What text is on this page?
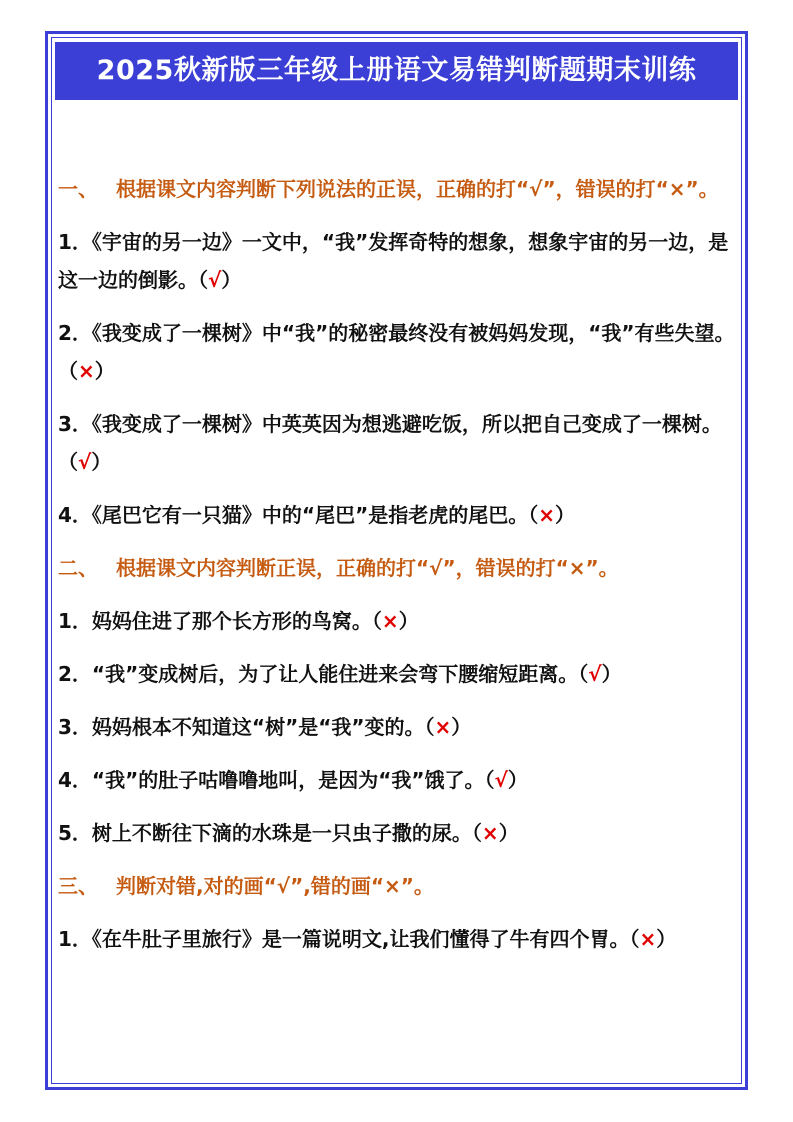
2025秋新版三年级上册语文易错判断题期末训练

一、 根据课文内容判断下列说法的正误，正确的打“√”，错误的打“×”。

1．《宇宙的另一边》一文中，“我”发挥奇特的想象，想象宇宙的另一边，是这一边的倒影。（√）

2．《我变成了一棵树》中“我”的秘密最终没有被妈妈发现，“我”有些失望。（×）

3．《我变成了一棵树》中英英因为想逃避吃饭，所以把自己变成了一棵树。（√）

4．《尾巴它有一只猫》中的“尾巴”是指老虎的尾巴。（×）

二、 根据课文内容判断正误，正确的打“√”，错误的打“×”。

1．妈妈住进了那个长方形的鸟窝。（×）

2．“我”变成树后，为了让人能住进来会弯下腰缩短距离。（√）

3．妈妈根本不知道这“树”是“我”变的。（×）

4．“我”的肚子咕噜噜地叫，是因为“我”饿了。（√）

5．树上不断往下滴的水珠是一只虫子撒的尿。（×）

三、 判断对错,对的画“√”,错的画“×”。

1．《在牛肚子里旅行》是一篇说明文,让我们懂得了牛有四个胃。（×）
